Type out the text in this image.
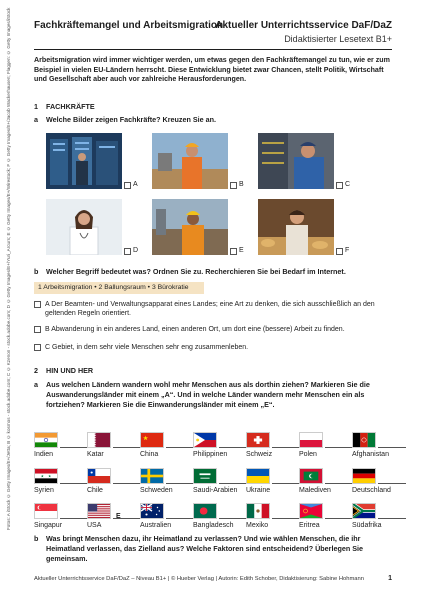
Fachkräftemangel und Arbeitsmigration
Aktueller Unterrichtsservice DaF/DaZ
Didaktisierter Lesetext B1+
Arbeitsmigration wird immer wichtiger werden, um etwas gegen den Fachkräftemangel zu tun, wie er zum Beispiel in vielen EU-Ländern herrscht. Diese Entwicklung bietet zwar Chancen, stellt Politik, Wirtschaft und Gesellschaft aber auch vor zahlreiche Herausforderungen.
Fotos: A iStock © Getty Images/E+/Jetta; B © kosmos - stock.adobe.com; C © Kzenon - stock.adobe.com; D © Getty Images/E+/Yuri_Arcurs; E © Getty Images/E+/Wirestock; F © Getty Images/E+/Jacob Wackerhausen; Flaggen: © Getty Images/iStock	1 FACHKRÄFTE
a	Welche Bilder zeigen Fachkräfte? Kreuzen Sie an.
A	B	C
D	E	F
b	Welcher Begriff bedeutet was? Ordnen Sie zu. Recherchieren Sie bei Bedarf im Internet.
1 Arbeitsmigration • 2 Ballungsraum • 3 Bürokratie
A Der Beamten- und Verwaltungsapparat eines Landes; eine Art zu denken, die sich ausschließlich an den geltenden Regeln orientiert.
B Abwanderung in ein anderes Land, einen anderen Ort, um dort eine (bessere) Arbeit zu finden.
C Gebiet, in dem sehr viele Menschen sehr eng zusammenleben.
2 HIN UND HER
a	Aus welchen Ländern wandern wohl mehr Menschen aus als dorthin ziehen? Markieren Sie die Auswanderungsländer mit einem „A“. Und in welche Länder wandern mehr Menschen ein als fortziehen? Markieren Sie die Einwanderungsländer mit einem „E“.
Indien	Katar	China	Philippinen	Schweiz	Polen	Afghanistan
Syrien	Chile	Schweden	Saudi-Arabien Ukraine	Malediven	Deutschland
Singapur	USA	Australien	Bangladesch Mexiko	Eritrea	Südafrika
E
b	Was bringt Menschen dazu, ihr Heimatland zu verlassen? Und wie wählen Menschen, die ihr Heimatland verlassen, das Zielland aus? Welche Faktoren sind entscheidend? Überlegen Sie gemeinsam.
Aktueller Unterrichtsservice DaF/DaZ – Niveau B1+ | © Hueber Verlag | Autorin: Edith Schober, Didaktisierung: Sabine Hohmann	1
